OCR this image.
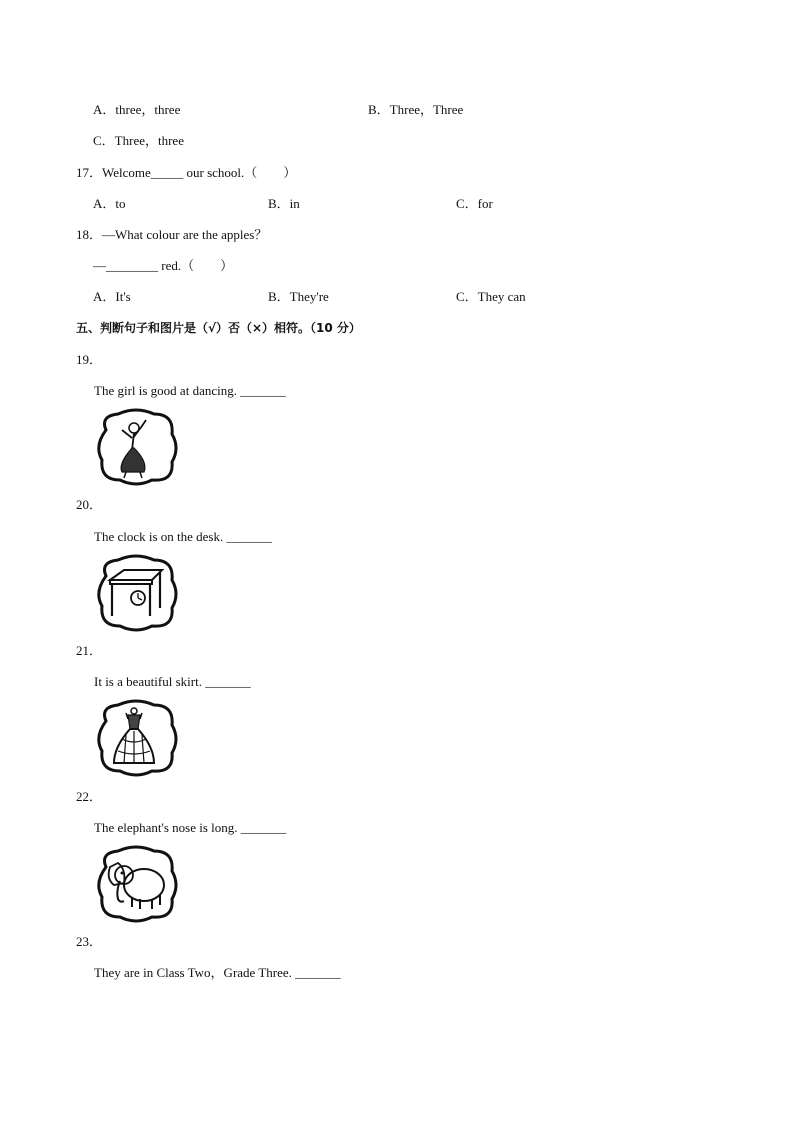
A．three，three	B．Three，Three
C．Three，three
17．Welcome_____ our school.（  ）
A．to	B．in	C．for
18．—What colour are the apples？
—________ red.（  ）
A．It's	B．They're	C．They can
五、判断句子和图片是（√）否（×）相符。（10 分）
19．
The girl is good at dancing. _______
20．
The clock is on the desk. _______
21．
It is a beautiful skirt. _______
22．
The elephant's nose is long. _______
23．
They are in Class Two，Grade Three. _______
